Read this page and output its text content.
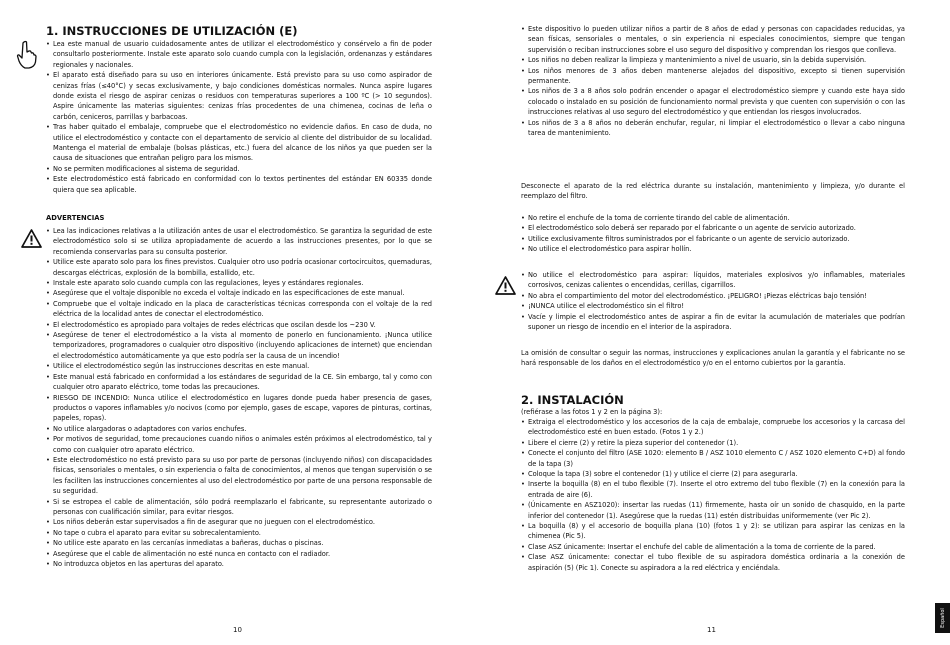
1. INSTRUCCIONES DE UTILIZACIÓN (E)
• Lea este manual de usuario cuidadosamente antes de utilizar el electrodoméstico y consérvelo a fin de poder consultarlo posteriormente. Instale este aparato solo cuando cumpla con la legislación, ordenanzas y estándares regionales y nacionales.
• El aparato está diseñado para su uso en interiores únicamente. Está previsto para su uso como aspirador de cenizas frías (≤40°C) y secas exclusivamente, y bajo condiciones domésticas normales. Nunca aspire lugares donde exista el riesgo de aspirar cenizas o residuos con temperaturas superiores a 100 ºC (> 10 segundos). Aspire únicamente las materias siguientes: cenizas frías procedentes de una chimenea, cocinas de leña o carbón, ceniceros, parrillas y barbacoas.
• Tras haber quitado el embalaje, compruebe que el electrodoméstico no evidencie daños. En caso de duda, no utilice el electrodoméstico y contacte con el departamento de servicio al cliente del distribuidor de su localidad. Mantenga el material de embalaje (bolsas plásticas, etc.) fuera del alcance de los niños ya que pueden ser la causa de situaciones que entrañan peligro para los mismos.
• No se permiten modificaciones al sistema de seguridad.
• Este electrodoméstico está fabricado en conformidad con lo textos pertinentes del estándar EN 60335 donde quiera que sea aplicable.
ADVERTENCIAS
• Lea las indicaciones relativas a la utilización antes de usar el electrodoméstico. Se garantiza la seguridad de este electrodoméstico solo si se utiliza apropiadamente de acuerdo a las instrucciones presentes, por lo que se recomienda conservarlas para su consulta posterior.
• Utilice este aparato solo para los fines previstos. Cualquier otro uso podría ocasionar cortocircuitos, quemaduras, descargas eléctricas, explosión de la bombilla, estallido, etc.
• Instale este aparato solo cuando cumpla con las regulaciones, leyes y estándares regionales.
• Asegúrese que el voltaje disponible no exceda el voltaje indicado en las especificaciones de este manual.
• Compruebe que el voltaje indicado en la placa de características técnicas corresponda con el voltaje de la red eléctrica de la localidad antes de conectar el electrodoméstico.
• El electrodoméstico es apropiado para voltajes de redes eléctricas que oscilan desde los ~230 V.
• Asegúrese de tener el electrodoméstico a la vista al momento de ponerlo en funcionamiento. ¡Nunca utilice temporizadores, programadores o cualquier otro dispositivo (incluyendo aplicaciones de internet) que enciendan el electrodoméstico automáticamente ya que esto podría ser la causa de un incendio!
• Utilice el electrodoméstico según las instrucciones descritas en este manual.
• Este manual está fabricado en conformidad a los estándares de seguridad de la CE. Sin embargo, tal y como con cualquier otro aparato eléctrico, tome todas las precauciones.
• RIESGO DE INCENDIO: Nunca utilice el electrodoméstico en lugares donde pueda haber presencia de gases, productos o vapores inflamables y/o nocivos (como por ejemplo, gases de escape, vapores de pinturas, cortinas, papeles, ropas).
• No utilice alargadoras o adaptadores con varios enchufes.
• Por motivos de seguridad, tome precauciones cuando niños o animales estén próximos al electrodoméstico, tal y como con cualquier otro aparato eléctrico.
• Este electrodoméstico no está previsto para su uso por parte de personas (incluyendo niños) con discapacidades físicas, sensoriales o mentales, o sin experiencia o falta de conocimientos, al menos que tengan supervisión o se les faciliten las instrucciones concernientes al uso del electrodoméstico por parte de una persona responsable de su seguridad.
• Si se estropea el cable de alimentación, sólo podrá reemplazarlo el fabricante, su representante autorizado o personas con cualificación similar, para evitar riesgos.
• Los niños deberán estar supervisados a fin de asegurar que no jueguen con el electrodoméstico.
• No tape o cubra el aparato para evitar su sobrecalentamiento.
• No utilice este aparato en las cercanías inmediatas a bañeras, duchas o piscinas.
• Asegúrese que el cable de alimentación no esté nunca en contacto con el radiador.
• No introduzca objetos en las aperturas del aparato.
10
• Este dispositivo lo pueden utilizar niños a partir de 8 años de edad y personas con capacidades reducidas, ya sean físicas, sensoriales o mentales, o sin experiencia ni especiales conocimientos, siempre que tengan supervisión o reciban instrucciones sobre el uso seguro del dispositivo y comprendan los riesgos que conlleva.
• Los niños no deben realizar la limpieza y mantenimiento a nivel de usuario, sin la debida supervisión.
• Los niños menores de 3 años deben mantenerse alejados del dispositivo, excepto si tienen supervisión permanente.
• Los niños de 3 a 8 años solo podrán encender o apagar el electrodoméstico siempre y cuando este haya sido colocado o instalado en su posición de funcionamiento normal prevista y que cuenten con supervisión o con las instrucciones relativas al uso seguro del electrodoméstico y que entiendan los riesgos involucrados.
• Los niños de 3 a 8 años no deberán enchufar, regular, ni limpiar el electrodoméstico o llevar a cabo ninguna tarea de mantenimiento.

Desconecte el aparato de la red eléctrica durante su instalación, mantenimiento y limpieza, y/o durante el reemplazo del filtro.

• No retire el enchufe de la toma de corriente tirando del cable de alimentación.
• El electrodoméstico solo deberá ser reparado por el fabricante o un agente de servicio autorizado.
• Utilice exclusivamente filtros suministrados por el fabricante o un agente de servicio autorizado.
• No utilice el electrodoméstico para aspirar hollín.
• No utilice el electrodoméstico para aspirar: líquidos, materiales explosivos y/o inflamables, materiales corrosivos, cenizas calientes o encendidas, cerillas, cigarrillos.
• No abra el compartimiento del motor del electrodoméstico. ¡PELIGRO! ¡Piezas eléctricas bajo tensión!
• ¡NUNCA utilice el electrodoméstico sin el filtro!
• Vacíe y limpie el electrodoméstico antes de aspirar a fin de evitar la acumulación de materiales que podrían suponer un riesgo de incendio en el interior de la aspiradora.

La omisión de consultar o seguir las normas, instrucciones y explicaciones anulan la garantía y el fabricante no se hará responsable de los daños en el electrodoméstico y/o en el entorno cubiertos por la garantía.

2. INSTALACIÓN

(refiérase a las fotos 1 y 2 en la página 3):

• Extraiga el electrodoméstico y los accesorios de la caja de embalaje, compruebe los accesorios y la carcasa del electrodoméstico esté en buen estado. (Fotos 1 y 2.)
• Libere el cierre (2) y retire la pieza superior del contenedor (1).
• Conecte el conjunto del filtro (ASE 1020: elemento B / ASZ 1010 elemento C / ASZ 1020 elemento C+D) al fondo de la tapa (3)
• Coloque la tapa (3) sobre el contenedor (1) y utilice el cierre (2) para asegurarla.
• Inserte la boquilla (8) en el tubo flexible (7). Inserte el otro extremo del tubo flexible (7) en la conexión para la entrada de aire (6).
• (Únicamente en ASZ1020): insertar las ruedas (11) firmemente, hasta oír un sonido de chasquido, en la parte inferior del contenedor (1). Asegúrese que la ruedas (11) estén distribuidas uniformemente (ver Pic 2).
• La boquilla (8) y el accesorio de boquilla plana (10) (fotos 1 y 2): se utilizan para aspirar las cenizas en la chimenea (Pic 5).
• Clase ASZ únicamente: Insertar el enchufe del cable de alimentación a la toma de corriente de la pared.
• Clase ASZ únicamente: conectar el tubo flexible de su aspiradora doméstica ordinaria a la conexión de aspiración (5) (Pic 1). Conecte su aspiradora a la red eléctrica y enciéndala.
11
Español
